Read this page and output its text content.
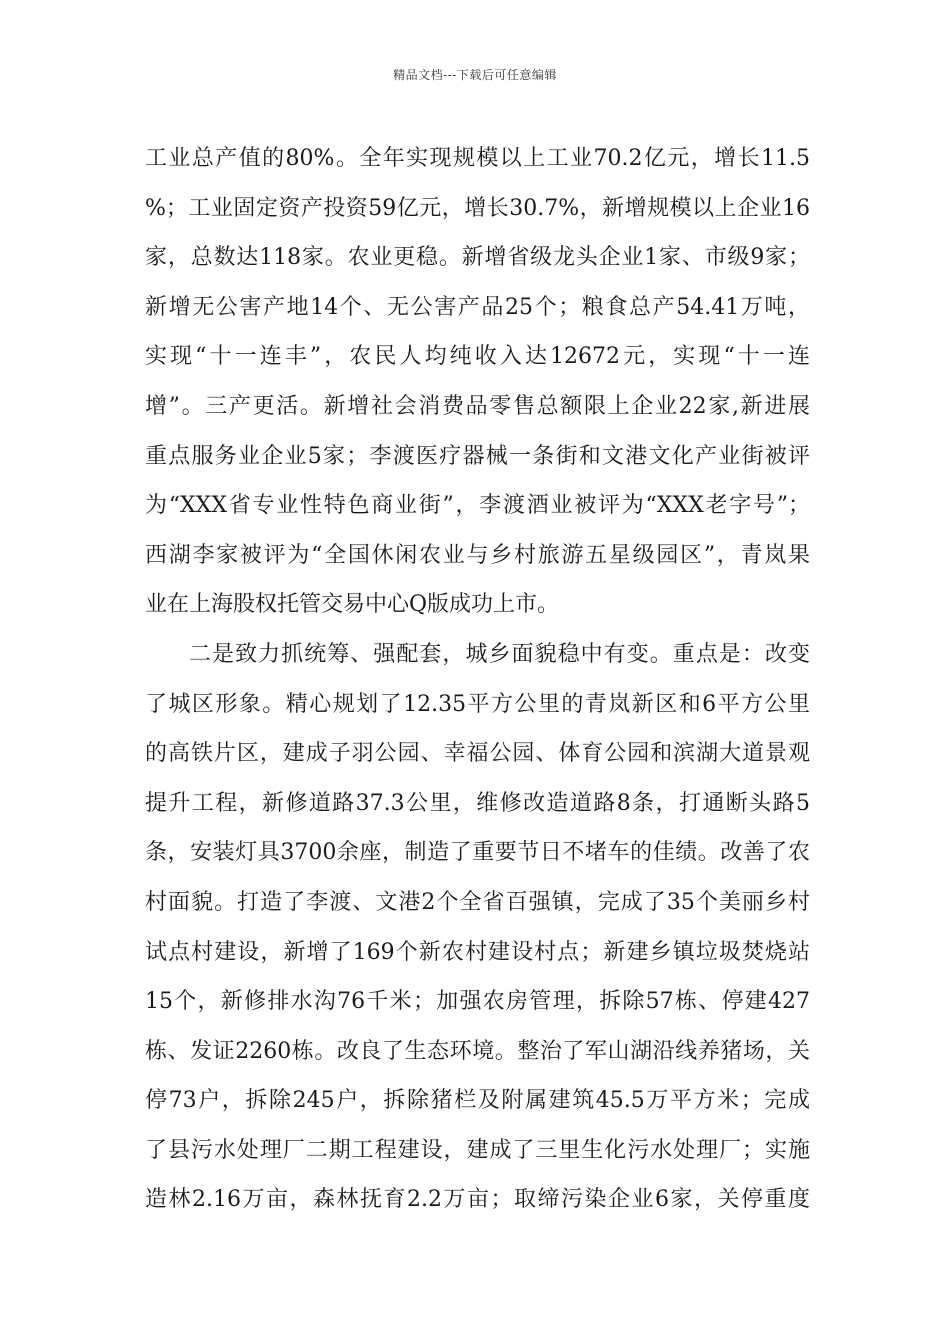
精品文档---下载后可任意编辑
工业总产值的80%。全年实现规模以上工业70.2亿元，增长11.5
%；工业固定资产投资59亿元，增长30.7%，新增规模以上企业16
家，总数达118家。农业更稳。新增省级龙头企业1家、市级9家；
新增无公害产地14个、无公害产品25个；粮食总产54.41万吨，
实现“十一连丰”，农民人均纯收入达12672元，实现“十一连
增”。三产更活。新增社会消费品零售总额限上企业22家,新进展
重点服务业企业5家；李渡医疗器械一条街和文港文化产业街被评
为“XXX省专业性特色商业街”，李渡酒业被评为“XXX老字号”；
西湖李家被评为“全国休闲农业与乡村旅游五星级园区”，青岚果
业在上海股权托管交易中心Q版成功上市。
二是致力抓统筹、强配套，城乡面貌稳中有变。重点是：改变
了城区形象。精心规划了12.35平方公里的青岚新区和6平方公里
的高铁片区，建成子羽公园、幸福公园、体育公园和滨湖大道景观
提升工程，新修道路37.3公里，维修改造道路8条，打通断头路5
条，安装灯具3700余座，制造了重要节日不堵车的佳绩。改善了农
村面貌。打造了李渡、文港2个全省百强镇，完成了35个美丽乡村
试点村建设，新增了169个新农村建设村点；新建乡镇垃圾焚烧站
15个，新修排水沟76千米；加强农房管理，拆除57栋、停建427
栋、发证2260栋。改良了生态环境。整治了军山湖沿线养猪场，关
停73户，拆除245户，拆除猪栏及附属建筑45.5万平方米；完成
了县污水处理厂二期工程建设，建成了三里生化污水处理厂；实施
造林2.16万亩，森林抚育2.2万亩；取缔污染企业6家，关停重度
